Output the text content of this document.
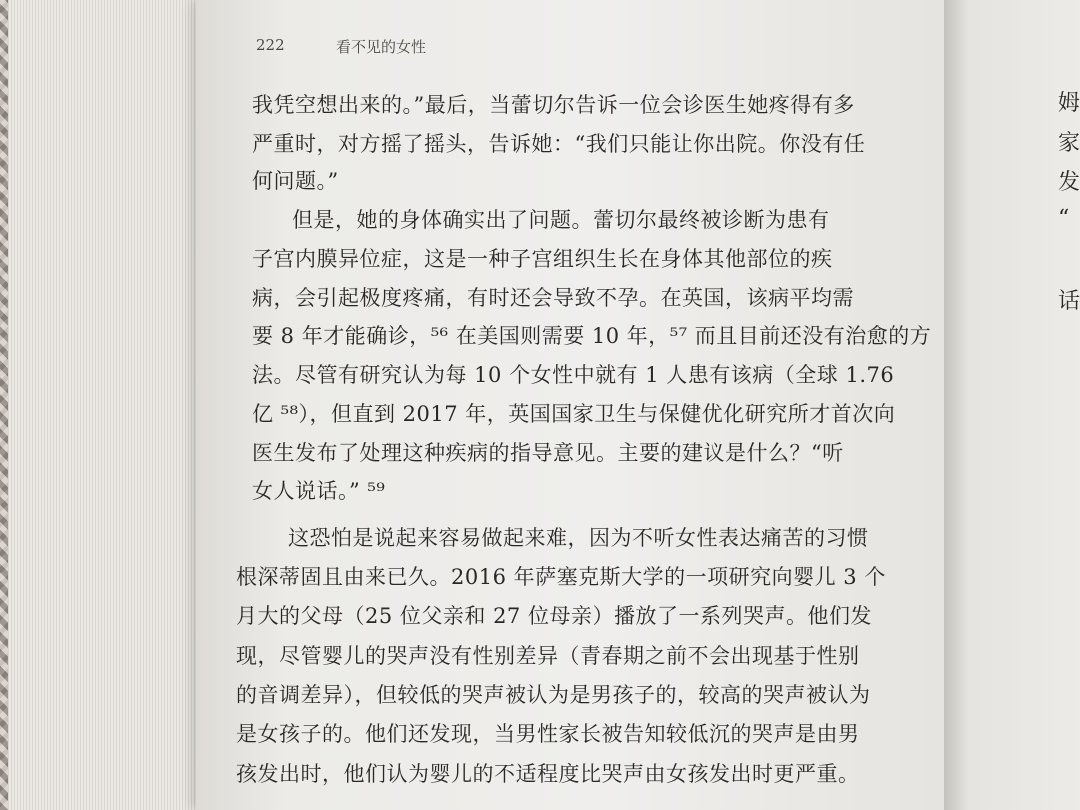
222	看不见的女性
我凭空想出来的。”最后，当蕾切尔告诉一位会诊医生她疼得有多
严重时，对方摇了摇头，告诉她：“我们只能让你出院。你没有任
何问题。”
但是，她的身体确实出了问题。蕾切尔最终被诊断为患有
子宫内膜异位症，这是一种子宫组织生长在身体其他部位的疾
病，会引起极度疼痛，有时还会导致不孕。在英国，该病平均需
要 8 年才能确诊，⁵⁶ 在美国则需要 10 年，⁵⁷ 而且目前还没有治愈的方
法。尽管有研究认为每 10 个女性中就有 1 人患有该病（全球 1.76
亿 ⁵⁸），但直到 2017 年，英国国家卫生与保健优化研究所才首次向
医生发布了处理这种疾病的指导意见。主要的建议是什么？“听
女人说话。” ⁵⁹
这恐怕是说起来容易做起来难，因为不听女性表达痛苦的习惯
根深蒂固且由来已久。2016 年萨塞克斯大学的一项研究向婴儿 3 个
月大的父母（25 位父亲和 27 位母亲）播放了一系列哭声。他们发
现，尽管婴儿的哭声没有性别差异（青春期之前不会出现基于性别
的音调差异），但较低的哭声被认为是男孩子的，较高的哭声被认为
是女孩子的。他们还发现，当男性家长被告知较低沉的哭声是由男
孩发出时，他们认为婴儿的不适程度比哭声由女孩发出时更严重。
姆
家
发
“
话
